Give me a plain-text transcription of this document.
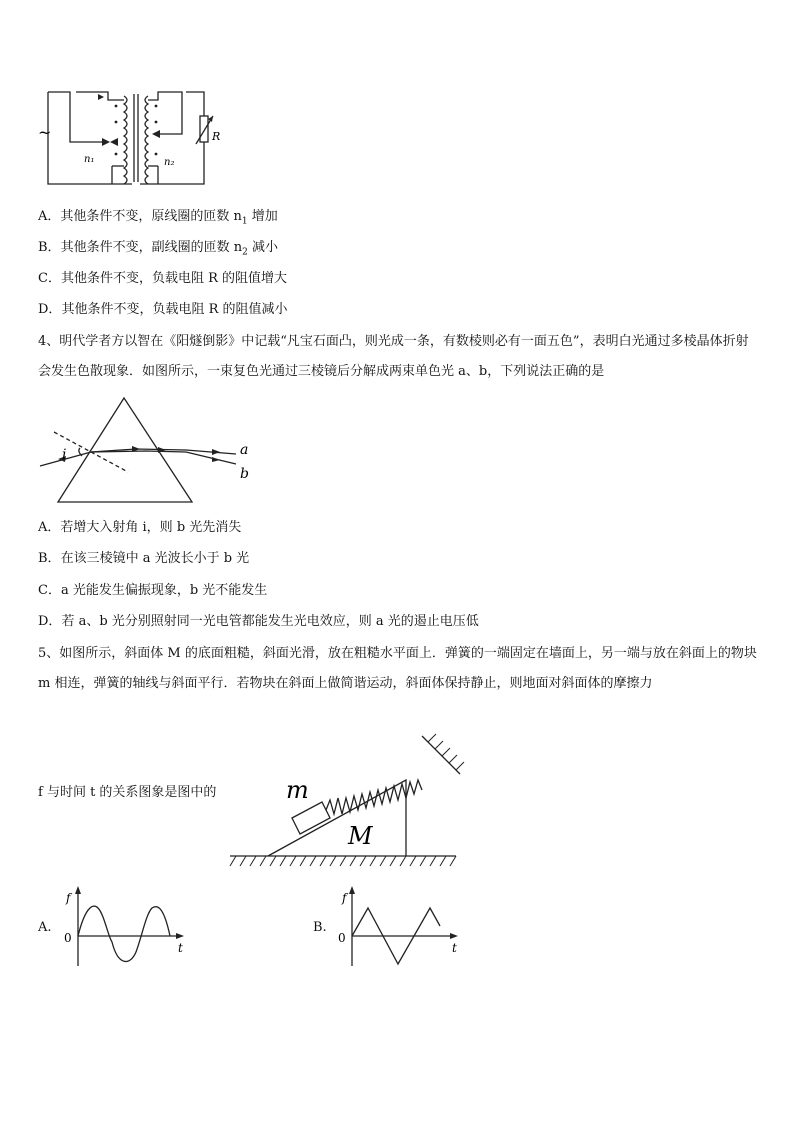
~
n₁	n₂
R
A．其他条件不变，原线圈的匝数 $n_1$ 增加
B．其他条件不变，副线圈的匝数 $n_2$ 减小
C．其他条件不变，负载电阻 R 的阻值增大
D．其他条件不变，负载电阻 R 的阻值减小
4、明代学者方以智在《阳燧倒影》中记载“凡宝石面凸，则光成一条，有数棱则必有一面五色”，表明白光通过多棱晶体折射会发生色散现象．如图所示，一束复色光通过三棱镜后分解成两束单色光 a、b，下列说法正确的是
i	a
b
A．若增大入射角 i，则 b 光先消失
B．在该三棱镜中 a 光波长小于 b 光
C．a 光能发生偏振现象，b 光不能发生
D．若 a、b 光分别照射同一光电管都能发生光电效应，则 a 光的遏止电压低
5、如图所示，斜面体 M 的底面粗糙，斜面光滑，放在粗糙水平面上．弹簧的一端固定在墙面上，另一端与放在斜面上的物块 m 相连，弹簧的轴线与斜面平行．若物块在斜面上做简谐运动，斜面体保持静止，则地面对斜面体的摩擦力
f 与时间 t 的关系图象是图中的	m
M
A.
f
t
0
B.
f
t
0
